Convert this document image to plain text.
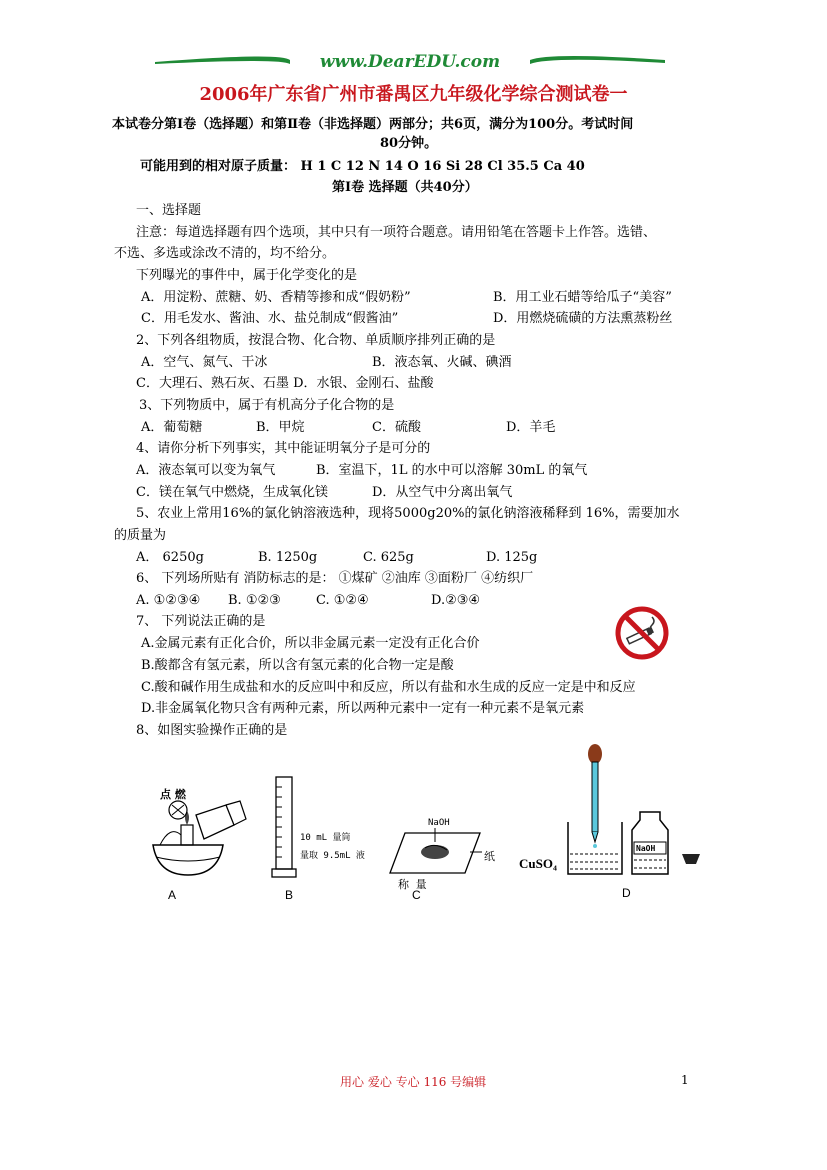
www.DearEDU.com
2006年广东省广州市番禺区九年级化学综合测试卷一
本试卷分第Ⅰ卷（选择题）和第Ⅱ卷（非选择题）两部分；共6页，满分为100分。考试时间
80分钟。
可能用到的相对原子质量： H 1 C 12 N 14 O 16 Si 28 Cl 35.5 Ca 40
第Ⅰ卷 选择题（共40分）
一、选择题
注意：每道选择题有四个选项，其中只有一项符合题意。请用铅笔在答题卡上作答。选错、
不选、多选或涂改不清的，均不给分。
下列曝光的事件中，属于化学变化的是
A．用淀粉、蔗糖、奶、香精等掺和成“假奶粉”	B．用工业石蜡等给瓜子“美容”
C．用毛发水、酱油、水、盐兑制成“假酱油”	D．用燃烧硫磺的方法熏蒸粉丝
2、下列各组物质，按混合物、化合物、单质顺序排列正确的是
A．空气、氮气、干冰	B．液态氧、火碱、碘酒
C．大理石、熟石灰、石墨 D．水银、金刚石、盐酸
3、下列物质中，属于有机高分子化合物的是
A．葡萄糖	B．甲烷	C．硫酸	D．羊毛
4、请你分析下列事实，其中能证明氧分子是可分的
A．液态氧可以变为氧气	B．室温下，1L 的水中可以溶解 30mL 的氧气
C．镁在氧气中燃烧，生成氧化镁	D．从空气中分离出氧气
5、农业上常用16%的氯化钠溶液选种，现将5000g20%的氯化钠溶液稀释到 16%，需要加水
的质量为
A． 6250g	B. 1250g	C. 625g	D. 125g
6、 下列场所贴有 消防标志的是： ①煤矿 ②油库 ③面粉厂 ④纺织厂
A. ①②③④ B. ①②③	C. ①②④	D.②③④
7、 下列说法正确的是
A.金属元素有正化合价，所以非金属元素一定没有正化合价
B.酸都含有氢元素，所以含有氢元素的化合物一定是酸
C.酸和碱作用生成盐和水的反应叫中和反应，所以有盐和水生成的反应一定是中和反应
D.非金属氧化物只含有两种元素，所以两种元素中一定有一种元素不是氧元素
8、如图实验操作正确的是
点 燃
A
10 mL 量筒
量取 9.5mL 液
B
NaOH
纸
称 量
C
CuSO₄
NaOH
D
用心 爱心 专心 116 号编辑	1
